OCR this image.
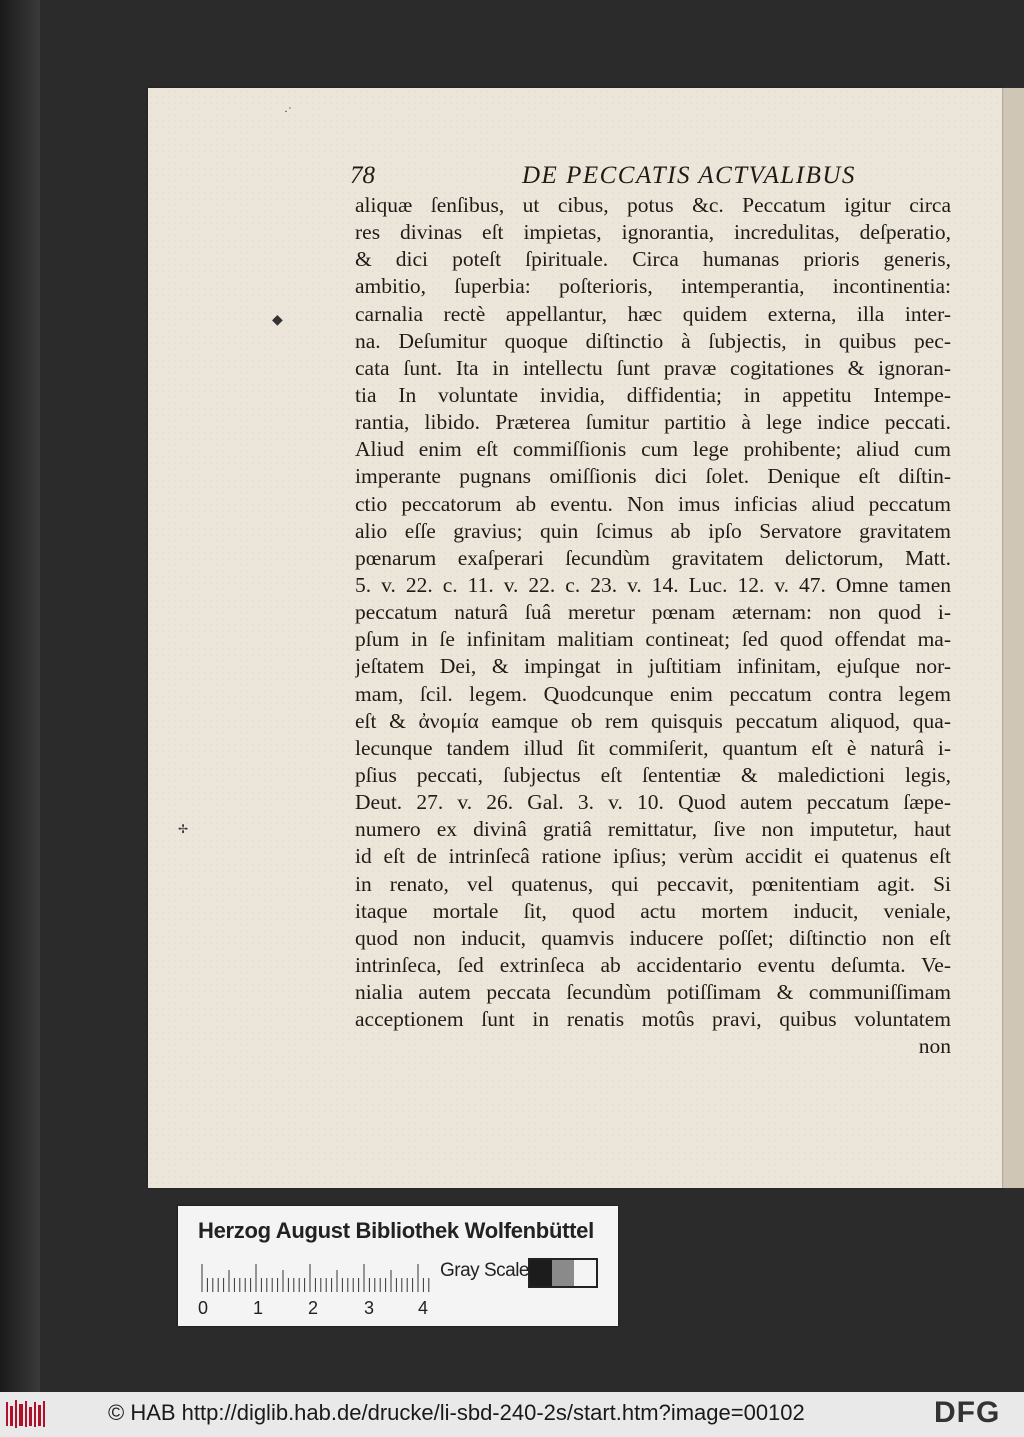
·˙
◆
✢
78	DE PECCATIS ACTVALIBUS
aliquæ ſenſibus, ut cibus, potus &c. Peccatum igitur circa
res divinas eſt impietas, ignorantia, incredulitas, deſperatio,
& dici poteſt ſpirituale. Circa humanas prioris generis,
ambitio, ſuperbia: poſterioris, intemperantia, incontinentia:
carnalia rectè appellantur, hæc quidem externa, illa inter-
na. Deſumitur quoque diſtinctio à ſubjectis, in quibus pec-
cata ſunt. Ita in intellectu ſunt pravæ cogitationes & ignoran-
tia In voluntate invidia, diffidentia; in appetitu Intempe-
rantia, libido. Præterea ſumitur partitio à lege indice peccati.
Aliud enim eſt commiſſionis cum lege prohibente; aliud cum
imperante pugnans omiſſionis dici ſolet. Denique eſt diſtin-
ctio peccatorum ab eventu. Non imus inficias aliud peccatum
alio eſſe gravius; quin ſcimus ab ipſo Servatore gravitatem
pœnarum exaſperari ſecundùm gravitatem delictorum, Matt.
5. v. 22. c. 11. v. 22. c. 23. v. 14. Luc. 12. v. 47. Omne tamen
peccatum naturâ ſuâ meretur pœnam æternam: non quod i-
pſum in ſe infinitam malitiam contineat; ſed quod offendat ma-
jeſtatem Dei, & impingat in juſtitiam infinitam, ejuſque nor-
mam, ſcil. legem. Quodcunque enim peccatum contra legem
eſt & ἀνομία eamque ob rem quisquis peccatum aliquod, qua-
lecunque tandem illud ſit commiſerit, quantum eſt è naturâ i-
pſius peccati, ſubjectus eſt ſententiæ & maledictioni legis,
Deut. 27. v. 26. Gal. 3. v. 10. Quod autem peccatum ſæpe-
numero ex divinâ gratiâ remittatur, ſive non imputetur, haut
id eſt de intrinſecâ ratione ipſius; verùm accidit ei quatenus eſt
in renato, vel quatenus, qui peccavit, pœnitentiam agit. Si
itaque mortale ſit, quod actu mortem inducit, veniale,
quod non inducit, quamvis inducere poſſet; diſtinctio non eſt
intrinſeca, ſed extrinſeca ab accidentario eventu deſumta. Ve-
nialia autem peccata ſecundùm potiſſimam & communiſſimam
acceptionem ſunt in renatis motûs pravi, quibus voluntatem
non
Herzog August Bibliothek Wolfenbüttel
Gray Scale
0 1 2	3 4
© HAB http://diglib.hab.de/drucke/li-sbd-240-2s/start.htm?image=00102	DFG
